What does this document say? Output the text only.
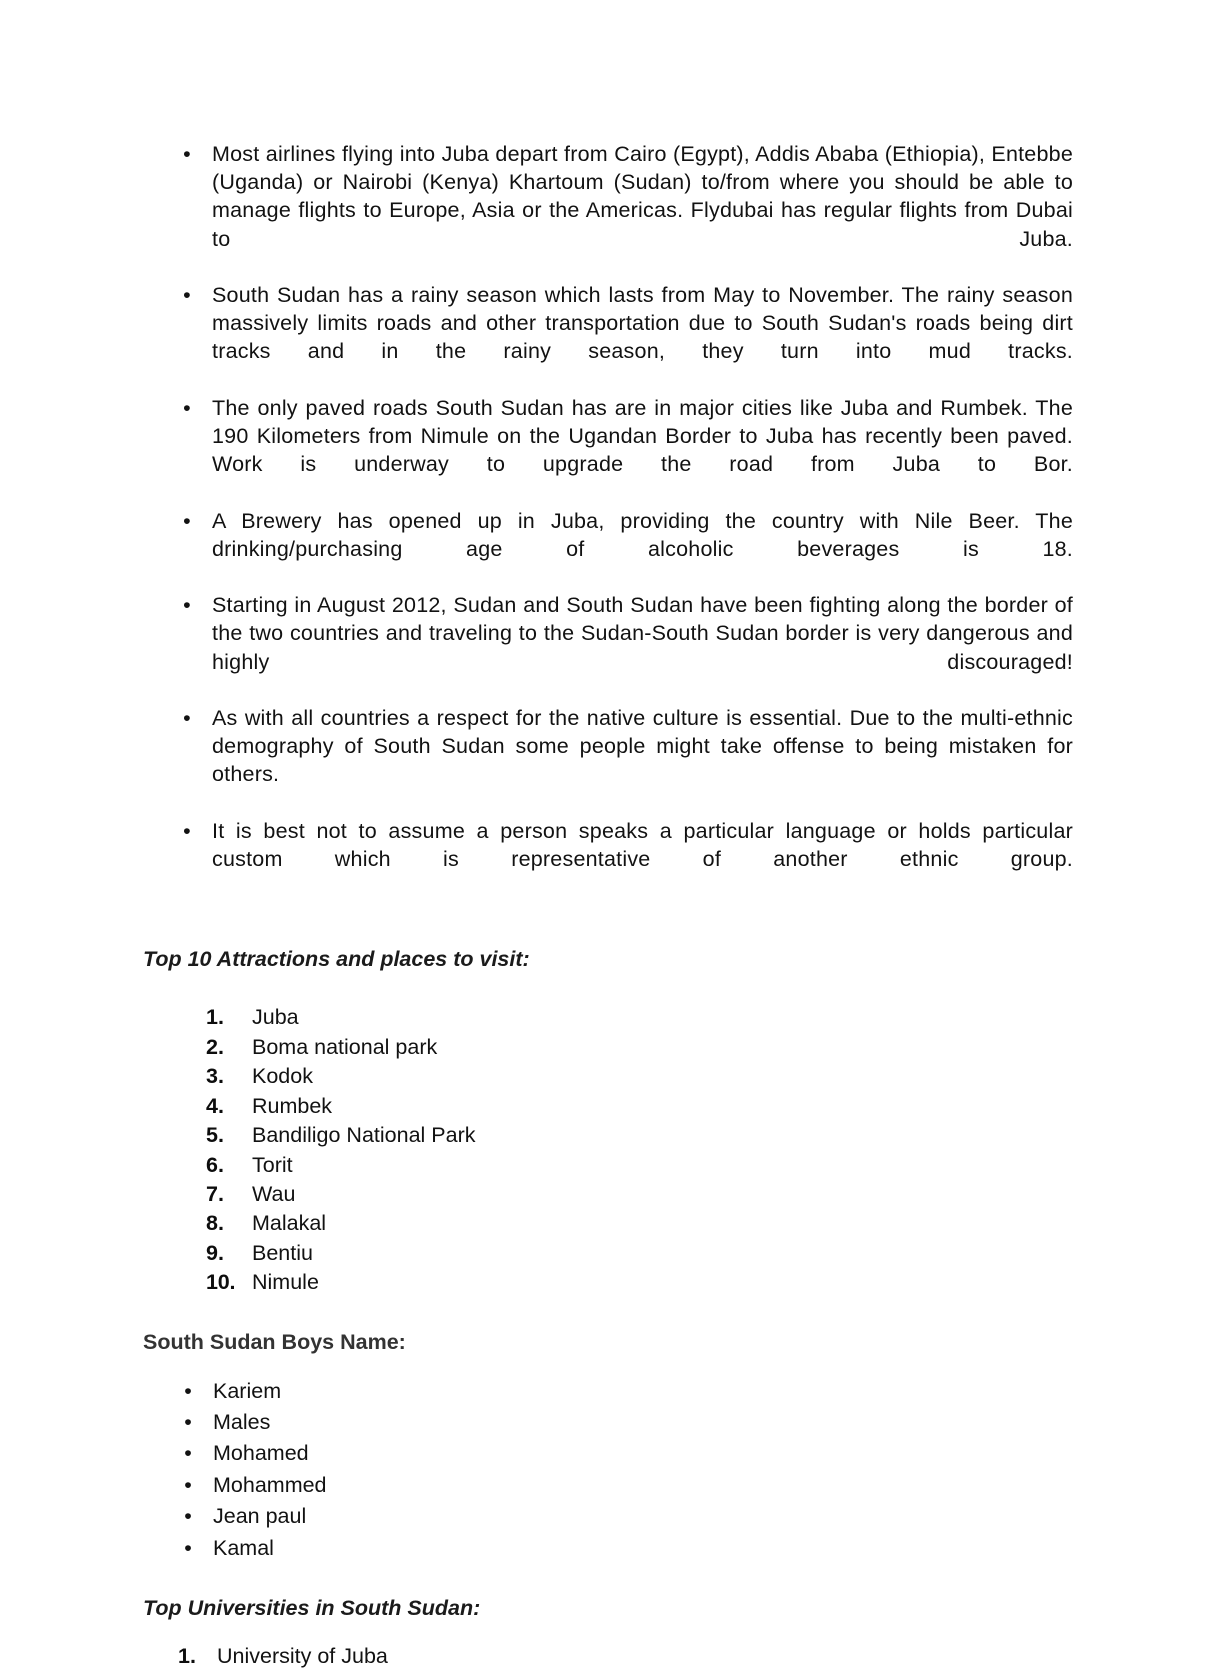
• Most airlines flying into Juba depart from Cairo (Egypt), Addis Ababa (Ethiopia), Entebbe (Uganda) or Nairobi (Kenya) Khartoum (Sudan) to/from where you should be able to manage flights to Europe, Asia or the Americas. Flydubai has regular flights from Dubai to Juba.
• South Sudan has a rainy season which lasts from May to November. The rainy season massively limits roads and other transportation due to South Sudan's roads being dirt tracks and in the rainy season, they turn into mud tracks.
• The only paved roads South Sudan has are in major cities like Juba and Rumbek. The 190 Kilometers from Nimule on the Ugandan Border to Juba has recently been paved. Work is underway to upgrade the road from Juba to Bor.
• A Brewery has opened up in Juba, providing the country with Nile Beer. The drinking/purchasing age of alcoholic beverages is 18.
• Starting in August 2012, Sudan and South Sudan have been fighting along the border of the two countries and traveling to the Sudan-South Sudan border is very dangerous and highly discouraged!
• As with all countries a respect for the native culture is essential. Due to the multi-ethnic demography of South Sudan some people might take offense to being mistaken for others.
• It is best not to assume a person speaks a particular language or holds particular custom which is representative of another ethnic group.
Top 10 Attractions and places to visit:
1.	Juba
2.	Boma national park
3.	Kodok
4.	Rumbek
5.	Bandiligo National Park
6.	Torit
7.	Wau
8.	Malakal
9.	Bentiu
10. Nimule
South Sudan Boys Name:
• Kariem
• Males
• Mohamed
• Mohammed
• Jean paul
• Kamal
Top Universities in South Sudan:
1. University of Juba
